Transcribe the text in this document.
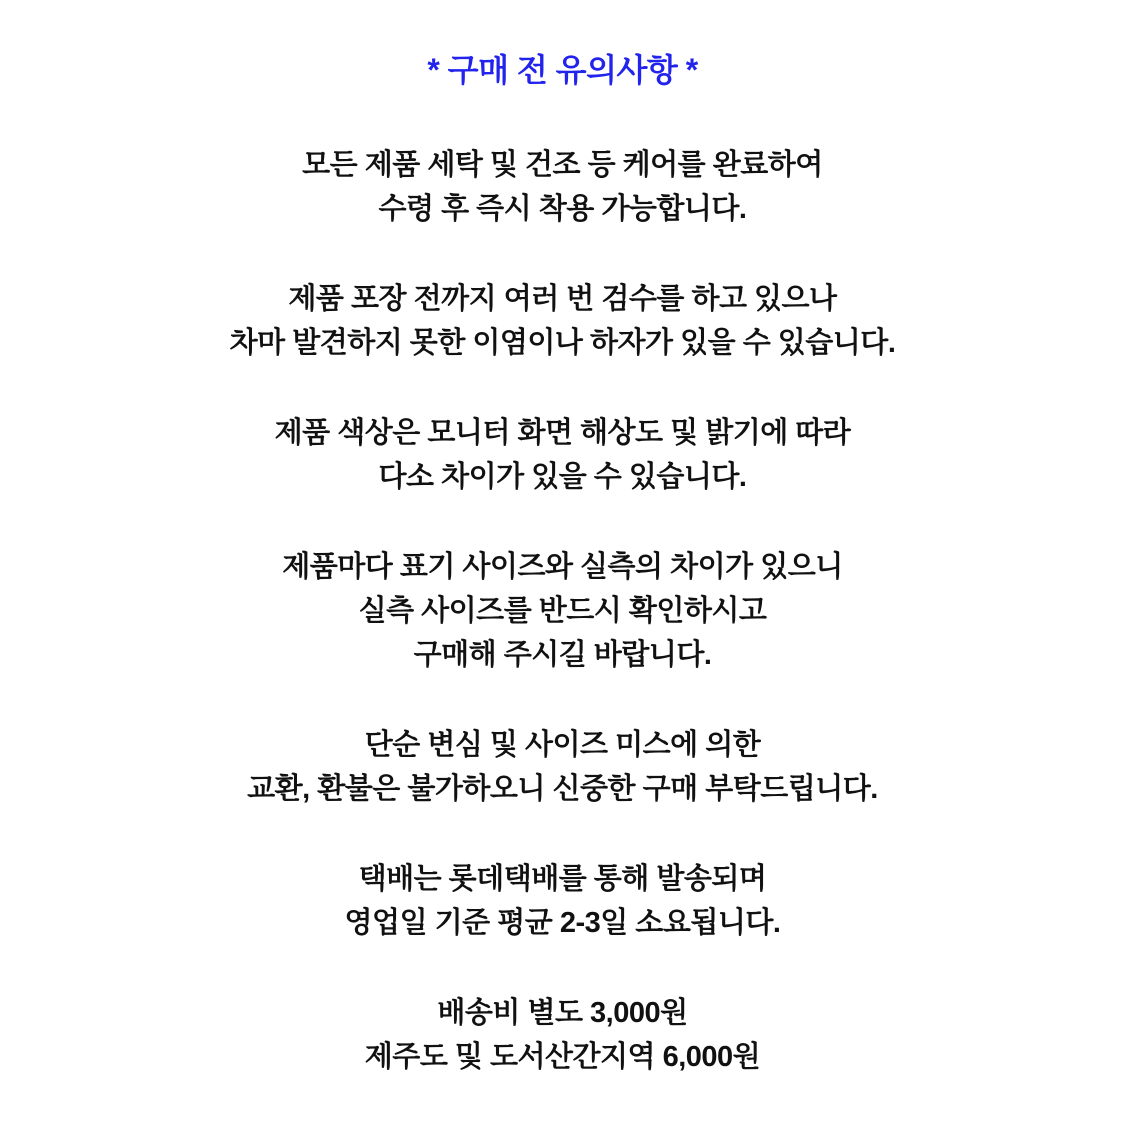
* 구매 전 유의사항 *

모든 제품 세탁 및 건조 등 케어를 완료하여

수령 후 즉시 착용 가능합니다.

제품 포장 전까지 여러 번 검수를 하고 있으나

차마 발견하지 못한 이염이나 하자가 있을 수 있습니다.

제품 색상은 모니터 화면 해상도 및 밝기에 따라

다소 차이가 있을 수 있습니다.

제품마다 표기 사이즈와 실측의 차이가 있으니

실측 사이즈를 반드시 확인하시고

구매해 주시길 바랍니다.

단순 변심 및 사이즈 미스에 의한

교환, 환불은 불가하오니 신중한 구매 부탁드립니다.

택배는 롯데택배를 통해 발송되며

영업일 기준 평균 2-3일 소요됩니다.

배송비 별도 3,000원

제주도 및 도서산간지역 6,000원
